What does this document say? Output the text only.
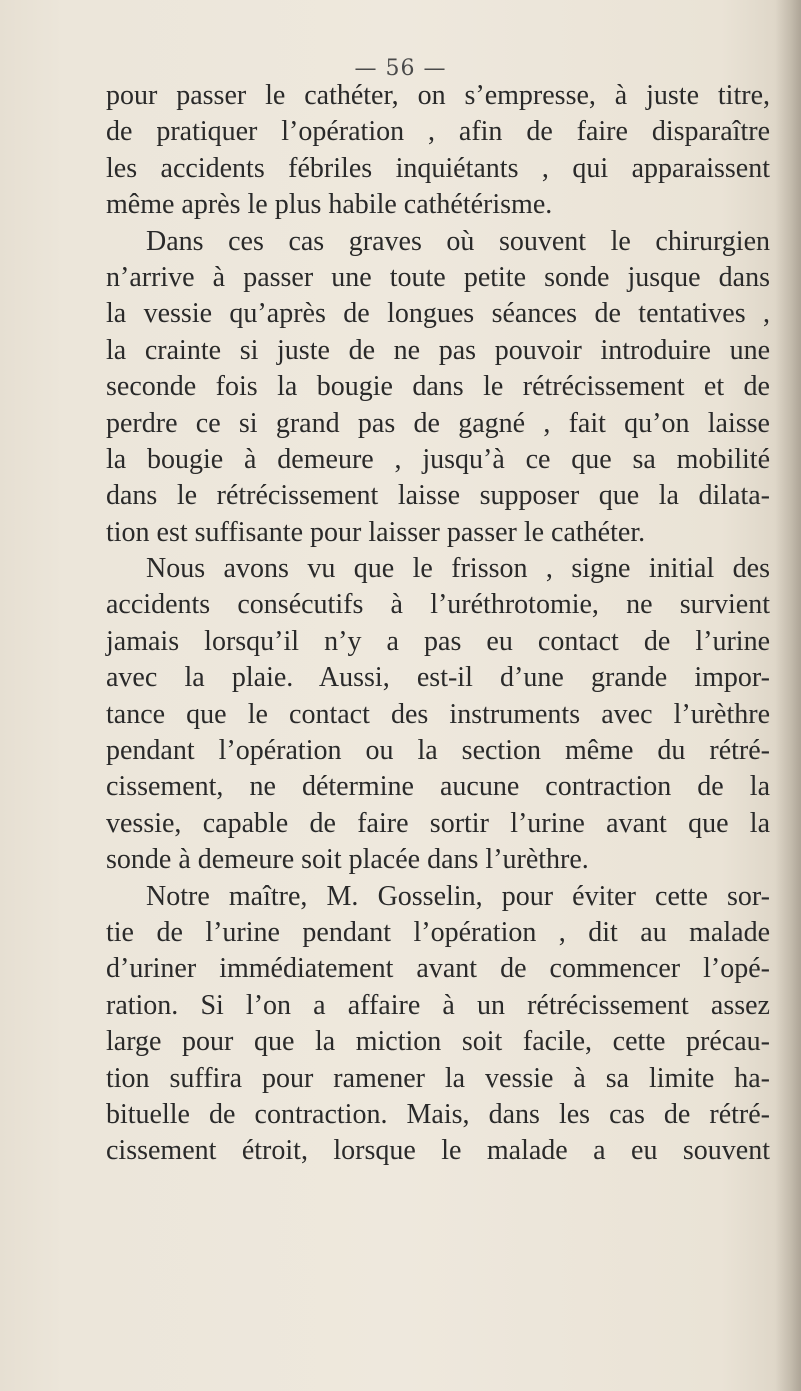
— 56 —
pour passer le cathéter, on s’empresse, à juste titre,
de pratiquer l’opération , afin de faire disparaître
les accidents fébriles inquiétants , qui apparaissent
même après le plus habile cathétérisme.
Dans ces cas graves où souvent le chirurgien
n’arrive à passer une toute petite sonde jusque dans
la vessie qu’après de longues séances de tentatives ,
la crainte si juste de ne pas pouvoir introduire une
seconde fois la bougie dans le rétrécissement et de
perdre ce si grand pas de gagné , fait qu’on laisse
la bougie à demeure , jusqu’à ce que sa mobilité
dans le rétrécissement laisse supposer que la dilata-
tion est suffisante pour laisser passer le cathéter.
Nous avons vu que le frisson , signe initial des
accidents consécutifs à l’uréthrotomie, ne survient
jamais lorsqu’il n’y a pas eu contact de l’urine
avec la plaie. Aussi, est-il d’une grande impor-
tance que le contact des instruments avec l’urèthre
pendant l’opération ou la section même du rétré-
cissement, ne détermine aucune contraction de la
vessie, capable de faire sortir l’urine avant que la
sonde à demeure soit placée dans l’urèthre.
Notre maître, M. Gosselin, pour éviter cette sor-
tie de l’urine pendant l’opération , dit au malade
d’uriner immédiatement avant de commencer l’opé-
ration. Si l’on a affaire à un rétrécissement assez
large pour que la miction soit facile, cette précau-
tion suffira pour ramener la vessie à sa limite ha-
bituelle de contraction. Mais, dans les cas de rétré-
cissement étroit, lorsque le malade a eu souvent
